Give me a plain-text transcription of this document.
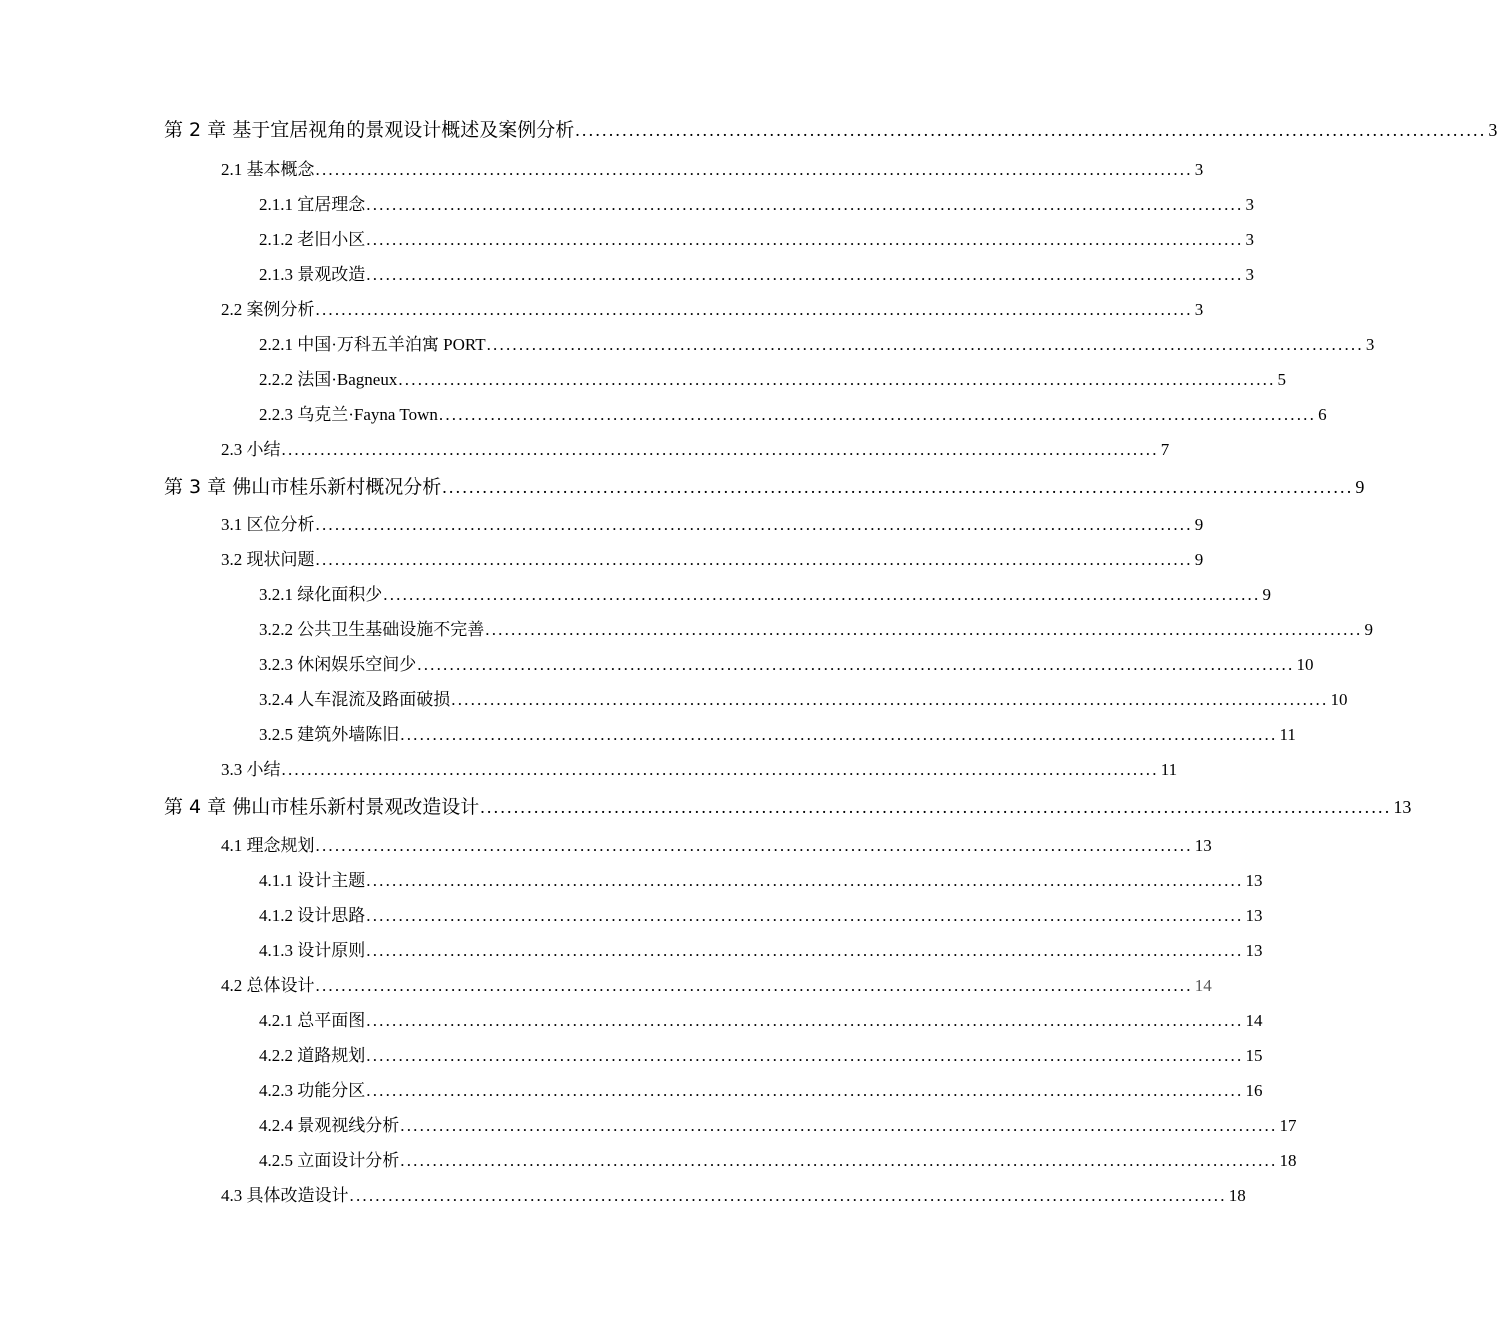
第 2 章 基于宜居视角的景观设计概述及案例分析 ........................................................................................................................................ 3
2.1 基本概念 ........................................................................................................................................ 3
2.1.1 宜居理念 ........................................................................................................................................ 3
2.1.2 老旧小区 ........................................................................................................................................ 3
2.1.3 景观改造 ........................................................................................................................................ 3
2.2 案例分析 ........................................................................................................................................ 3
2.2.1 中国·万科五羊泊寓 PORT ........................................................................................................................................ 3
2.2.2 法国·Bagneux ........................................................................................................................................ 5
2.2.3 乌克兰·Fayna Town ........................................................................................................................................ 6
2.3 小结 ........................................................................................................................................ 7
第 3 章 佛山市桂乐新村概况分析 ........................................................................................................................................ 9
3.1 区位分析 ........................................................................................................................................ 9
3.2 现状问题 ........................................................................................................................................ 9
3.2.1 绿化面积少 ........................................................................................................................................ 9
3.2.2 公共卫生基础设施不完善 ........................................................................................................................................ 9
3.2.3 休闲娱乐空间少 ........................................................................................................................................ 10
3.2.4 人车混流及路面破损 ........................................................................................................................................ 10
3.2.5 建筑外墙陈旧 ........................................................................................................................................ 11
3.3 小结 ........................................................................................................................................ 11
第 4 章 佛山市桂乐新村景观改造设计 ........................................................................................................................................ 13
4.1 理念规划 ........................................................................................................................................ 13
4.1.1 设计主题 ........................................................................................................................................ 13
4.1.2 设计思路 ........................................................................................................................................ 13
4.1.3 设计原则 ........................................................................................................................................ 13
4.2 总体设计 ........................................................................................................................................ 14
4.2.1 总平面图 ........................................................................................................................................ 14
4.2.2 道路规划 ........................................................................................................................................ 15
4.2.3 功能分区 ........................................................................................................................................ 16
4.2.4 景观视线分析 ........................................................................................................................................ 17
4.2.5 立面设计分析 ........................................................................................................................................ 18
4.3 具体改造设计 ........................................................................................................................................ 18
